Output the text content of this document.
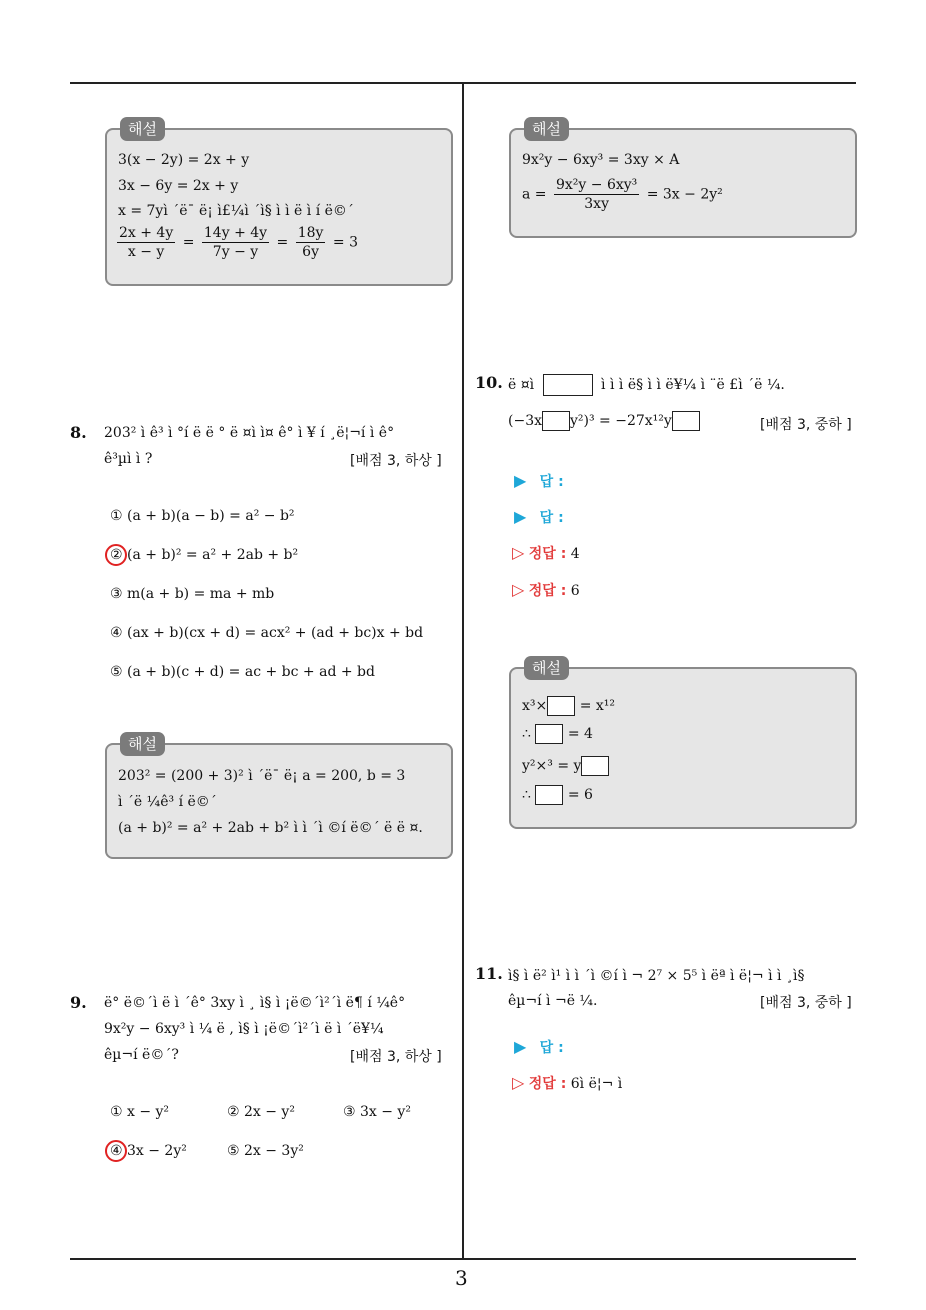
3
해설
3(x − 2y) = 2x + y
3x − 6y = 2x + y
x = 7yì ´ë¯ ë¡ ì£¼ì ´ì§ ì ì ë ì í ë©´
$\frac{2x + 4y}{x - y} = \frac{14y + 4y}{7y - y} = \frac{18y}{6y} = 3$
8. 203² ì ê³ ì °í ë ë ° ë ¤ì ì¤ ê° ì ¥ í ¸ë¦¬í ì ê°
ê³µì ì ?	[배점 3, 하상 ]
① (a + b)(a − b) = a² − b²
② (a + b)² = a² + 2ab + b²
③ m(a + b) = ma + mb
④ (ax + b)(cx + d) = acx² + (ad + bc)x + bd
⑤ (a + b)(c + d) = ac + bc + ad + bd
해설
203² = (200 + 3)² ì ´ë¯ ë¡ a = 200, b = 3
ì ´ë ¼ê³ í ë©´
(a + b)² = a² + 2ab + b² ì ì ´ì ©í ë©´ ë ë ¤.
9. ë° ë©´ì ë ì ´ê° 3xy ì ¸ ì§ ì ¡ë©´ì²´ì ë¶ í ¼ê°
9x²y − 6xy³ ì ¼ ë , ì§ ì ¡ë©´ì²´ì ë ì ´ë¥¼
êµ¬í ë©´?	[배점 3, 하상 ]
① x − y²	② 2x − y²	③ 3x − y²
④ 3x − 2y²	⑤ 2x − 3y²
해설
9x²y − 6xy³ = 3xy × A
$a = \frac{\text{9x²y − 6xy³}}{3xy} = 3x - 2y^2$
10. ë ¤ì	ì ì ì ë§ ì ì ë¥¼ ì ¨ë £ì ´ë ¼.
(−3x y²)³ = −27x¹²y	[배점 3, 중하 ]
▶ 답 :
▶ 답 :
▷ 정답 : 4
▷ 정답 : 6
해설
x³× = x¹²
∴	= 4
y²×³ = y
∴	= 6
11. ì§ ì ë² ì¹ ì ì ´ì ©í ì ¬ 2⁷ × 5⁵ ì ëª ì ë¦¬ ì ì ¸ì§
êµ¬í ì ¬ë ¼.	[배점 3, 중하 ]
▶ 답 :
▷ 정답 : 6ì ë¦¬ ì
